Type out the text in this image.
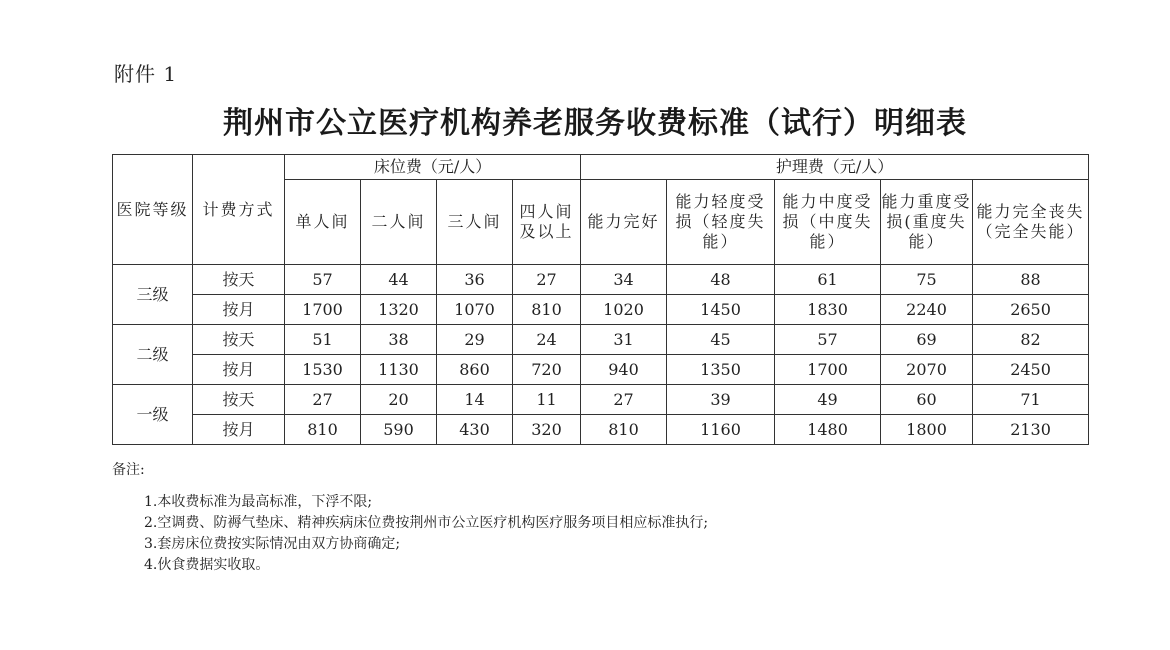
附件 1
荆州市公立医疗机构养老服务收费标准（试行）明细表
医院等级	计费方式	床位费（元/人）				护理费（元/人）				
		单人间	二人间	三人间	四人间及以上	能力完好	能力轻度受损（轻度失能）	能力中度受损（中度失能）	能力重度受损(重度失能）	能力完全丧失（完全失能）
三级	按天	57	44	36	27	34	48	61	75	88
	按月	1700	1320	1070	810	1020	1450	1830	2240	2650
二级	按天	51	38	29	24	31	45	57	69	82
	按月	1530	1130	860	720	940	1350	1700	2070	2450
一级	按天	27	20	14	11	27	39	49	60	71
	按月	810	590	430	320	810	1160	1480	1800	2130
备注:
1.本收费标准为最高标准，下浮不限;
2.空调费、防褥气垫床、精神疾病床位费按荆州市公立医疗机构医疗服务项目相应标准执行;
3.套房床位费按实际情况由双方协商确定;
4.伙食费据实收取。
